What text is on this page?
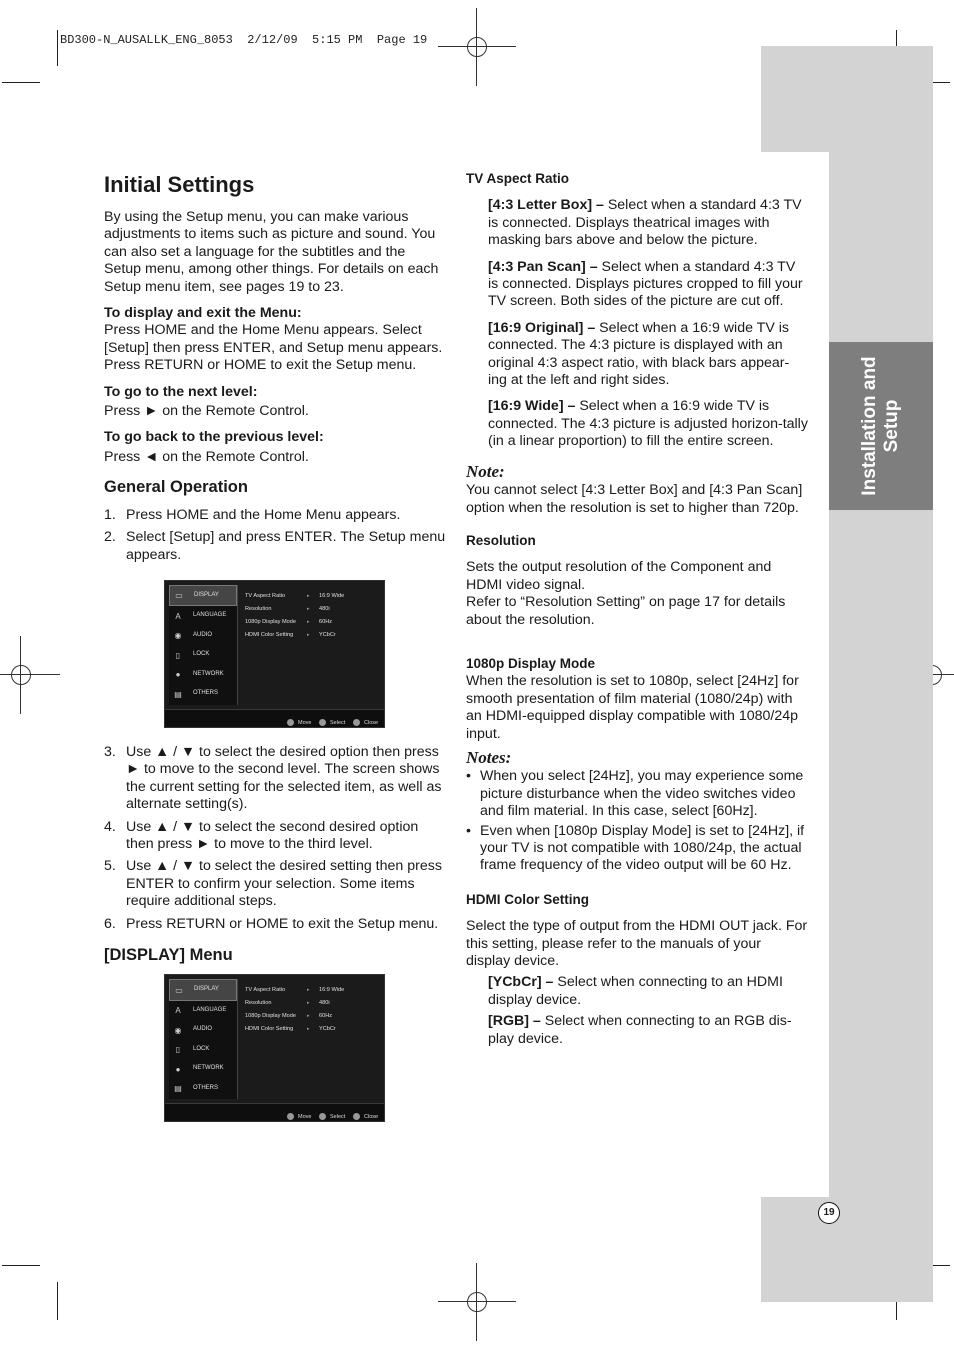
BD300-N_AUSALLK_ENG_8053  2/12/09  5:15 PM  Page 19
Installation and Setup
19
Initial Settings

By using the Setup menu, you can make various adjustments to items such as picture and sound. You can also set a language for the subtitles and the Setup menu, among other things. For details on each Setup menu item, see pages 19 to 23.

To display and exit the Menu:

Press HOME and the Home Menu appears. Select [Setup] then press ENTER, and Setup menu appears.

Press RETURN or HOME to exit the Setup menu.

To go to the next level:

Press ► on the Remote Control.

To go back to the previous level:

Press ◄ on the Remote Control.

General Operation
1. Press HOME and the Home Menu appears.
2. Select [Setup] and press ENTER. The Setup menu appears.
▭ DISPLAY
A	LANGUAGE
◉ AUDIO
▯	LOCK
●	NETWORK
▤ OTHERS
TV Aspect Ratio	▸	16:9 Wide
Resolution	▸	480i
1080p Display Mode	▸	60Hz
HDMI Color Setting	▸	YCbCr
Move	Select	Close
3. Use ▲ / ▼ to select the desired option then press ► to move to the second level. The screen shows the current setting for the selected item, as well as alternate setting(s).
4. Use ▲ / ▼ to select the second desired option then press ► to move to the third level.
5. Use ▲ / ▼ to select the desired setting then press ENTER to confirm your selection. Some items require additional steps.
6. Press RETURN or HOME to exit the Setup menu.
[DISPLAY] Menu
▭ DISPLAY
A	LANGUAGE
◉ AUDIO
▯	LOCK
●	NETWORK
▤ OTHERS
TV Aspect Ratio	▸	16:9 Wide
Resolution	▸	480i
1080p Display Mode	▸	60Hz
HDMI Color Setting	▸	YCbCr
Move	Select	Close
TV Aspect Ratio

[4:3 Letter Box] – Select when a standard 4:3 TV is connected. Displays theatrical images with masking bars above and below the picture.

[4:3 Pan Scan] – Select when a standard 4:3 TV is connected. Displays pictures cropped to fill your TV screen. Both sides of the picture are cut off.

[16:9 Original] – Select when a 16:9 wide TV is connected. The 4:3 picture is displayed with an original 4:3 aspect ratio, with black bars appear-ing at the left and right sides.

[16:9 Wide] – Select when a 16:9 wide TV is connected. The 4:3 picture is adjusted horizon-tally (in a linear proportion) to fill the entire screen.

Note:

You cannot select [4:3 Letter Box] and [4:3 Pan Scan] option when the resolution is set to higher than 720p.

Resolution

Sets the output resolution of the Component and HDMI video signal.

Refer to “Resolution Setting” on page 17 for details about the resolution.

1080p Display Mode

When the resolution is set to 1080p, select [24Hz] for smooth presentation of film material (1080/24p) with an HDMI-equipped display compatible with 1080/24p input.

Notes:
• When you select [24Hz], you may experience some picture disturbance when the video switches video and film material. In this case, select [60Hz].
• Even when [1080p Display Mode] is set to [24Hz], if your TV is not compatible with 1080/24p, the actual frame frequency of the video output will be 60 Hz.
HDMI Color Setting

Select the type of output from the HDMI OUT jack. For this setting, please refer to the manuals of your display device.

[YCbCr] – Select when connecting to an HDMI display device.

[RGB] – Select when connecting to an RGB dis-play device.
